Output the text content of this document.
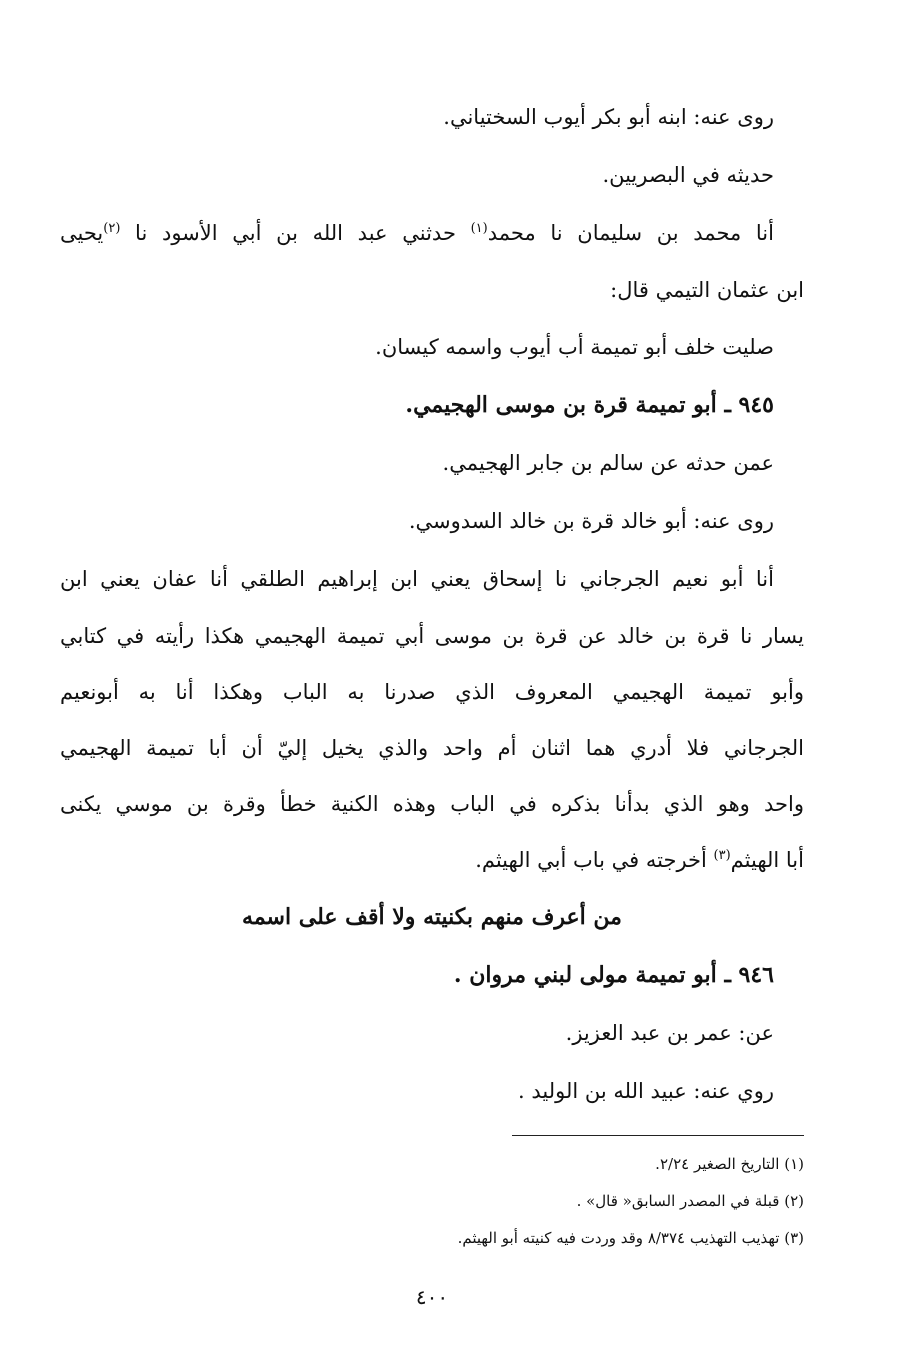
روى عنه: ابنه أبو بكر أيوب السختياني.

حديثه في البصريين.

أنا محمد بن سليمان نا محمد$^{(١)}$ حدثني عبد الله بن أبي الأسود نا $^{(٢)}$يحيى

ابن عثمان التيمي قال:

صليت خلف أبو تميمة أب أيوب واسمه كيسان.

٩٤٥ ـ أبو تميمة قرة بن موسى الهجيمي.

عمن حدثه عن سالم بن جابر الهجيمي.

روى عنه: أبو خالد قرة بن خالد السدوسي.

أنا أبو نعيم الجرجاني نا إسحاق يعني ابن إبراهيم الطلقي أنا عفان يعني ابن

يسار نا قرة بن خالد عن قرة بن موسى أبي تميمة الهجيمي هكذا رأيته في كتابي

وأبو تميمة الهجيمي المعروف الذي صدرنا به الباب وهكذا أنا به أبونعيم

الجرجاني فلا أدري هما اثنان أم واحد والذي يخيل إليّ أن أبا تميمة الهجيمي

واحد وهو الذي بدأنا بذكره في الباب وهذه الكنية خطأ وقرة بن موسي يكنى

أبا الهيثم$^{(٣)}$ أخرجته في باب أبي الهيثم.

من أعرف منهم بكنيته ولا أقف على اسمه

٩٤٦ ـ أبو تميمة مولى لبني مروان .

عن: عمر بن عبد العزيز.

روي عنه: عبيد الله بن الوليد .

(١) التاريخ الصغير ٢/٢٤.

(٢) قبلة في المصدر السابق« قال» .

(٣) تهذيب التهذيب ٨/٣٧٤ وقد وردت فيه كنيته أبو الهيثم.

٤٠٠
